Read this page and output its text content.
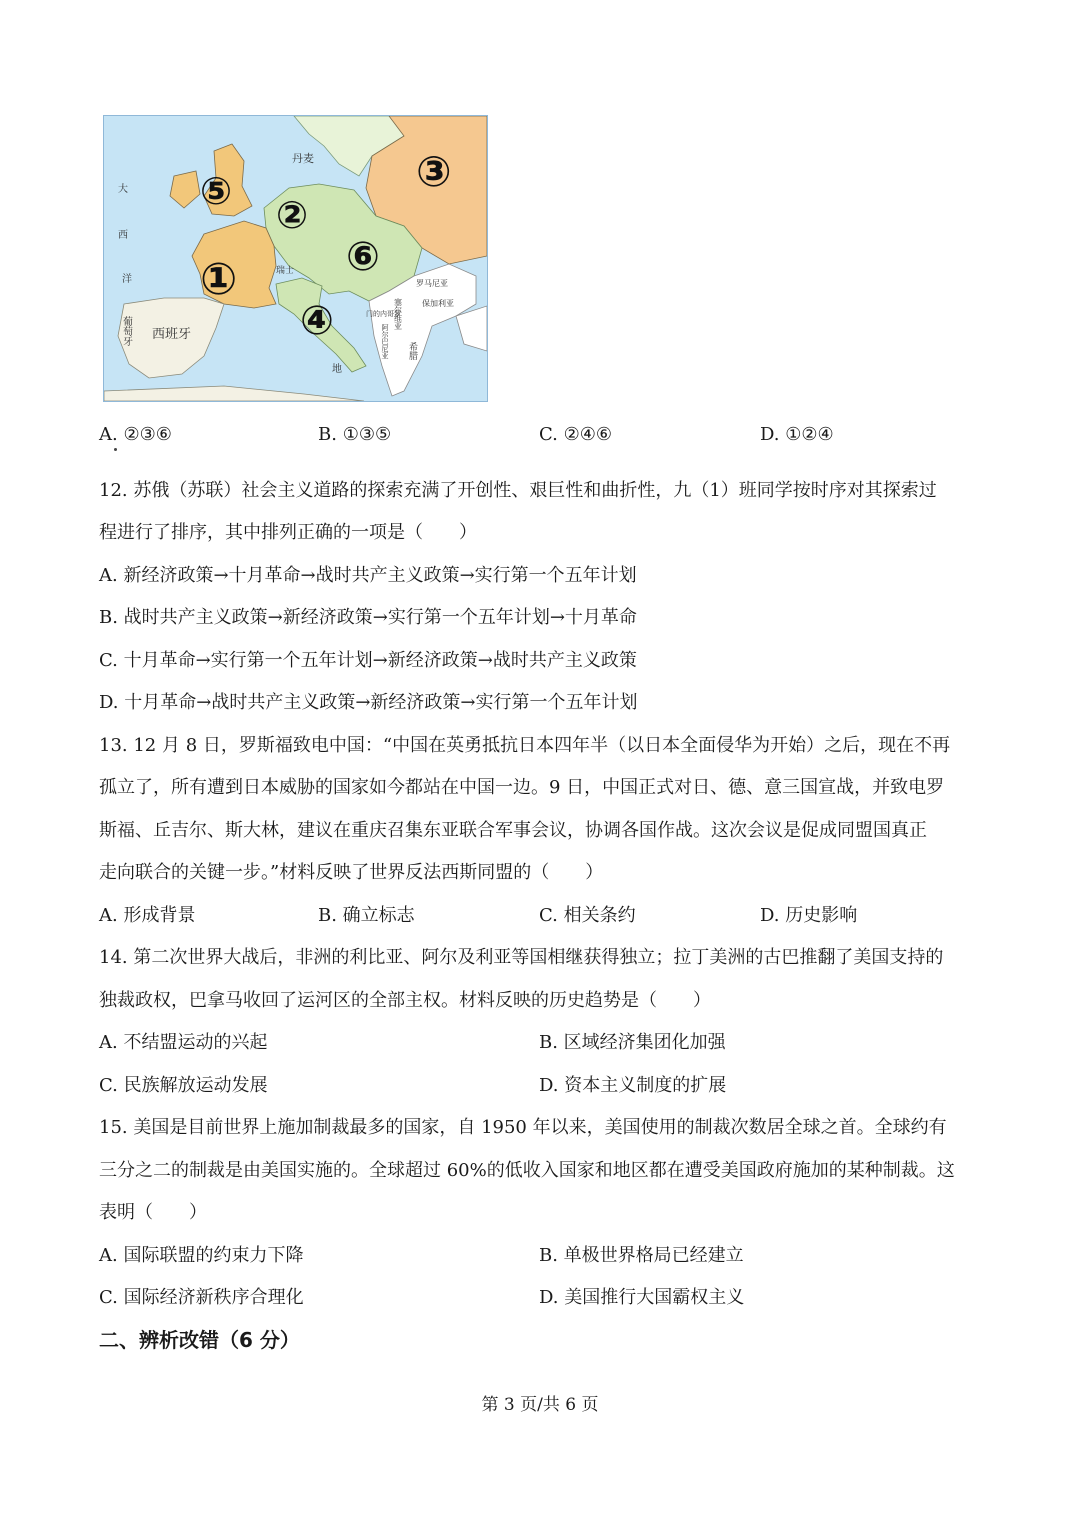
西班牙
葡萄牙
丹麦
瑞士
罗马尼亚
保加利亚
门的内哥罗
塞尔维亚
阿尔巴尼亚 希腊
大
西
洋
地
⑤
②
③
⑥
①
④
A. ②③⑥	B. ①③⑤	C. ②④⑥	D. ①②④
12. 苏俄（苏联）社会主义道路的探索充满了开创性、艰巨性和曲折性，九（1）班同学按时序对其探索过
程进行了排序，其中排列正确的一项是（　　）
A. 新经济政策→十月革命→战时共产主义政策→实行第一个五年计划
B. 战时共产主义政策→新经济政策→实行第一个五年计划→十月革命
C. 十月革命→实行第一个五年计划→新经济政策→战时共产主义政策
D. 十月革命→战时共产主义政策→新经济政策→实行第一个五年计划
13. 12 月 8 日，罗斯福致电中国：“中国在英勇抵抗日本四年半（以日本全面侵华为开始）之后，现在不再
孤立了，所有遭到日本威胁的国家如今都站在中国一边。9 日，中国正式对日、德、意三国宣战，并致电罗
斯福、丘吉尔、斯大林，建议在重庆召集东亚联合军事会议，协调各国作战。这次会议是促成同盟国真正
走向联合的关键一步。”材料反映了世界反法西斯同盟的（　　）
A. 形成背景	B. 确立标志	C. 相关条约	D. 历史影响
14. 第二次世界大战后，非洲的利比亚、阿尔及利亚等国相继获得独立；拉丁美洲的古巴推翻了美国支持的
独裁政权，巴拿马收回了运河区的全部主权。材料反映的历史趋势是（　　）
A. 不结盟运动的兴起	B. 区域经济集团化加强
C. 民族解放运动发展	D. 资本主义制度的扩展
15. 美国是目前世界上施加制裁最多的国家，自 1950 年以来，美国使用的制裁次数居全球之首。全球约有
三分之二的制裁是由美国实施的。全球超过 60%的低收入国家和地区都在遭受美国政府施加的某种制裁。这
表明（　　）
A. 国际联盟的约束力下降	B. 单极世界格局已经建立
C. 国际经济新秩序合理化	D. 美国推行大国霸权主义
二、辨析改错（6 分）
第 3 页/共 6 页
